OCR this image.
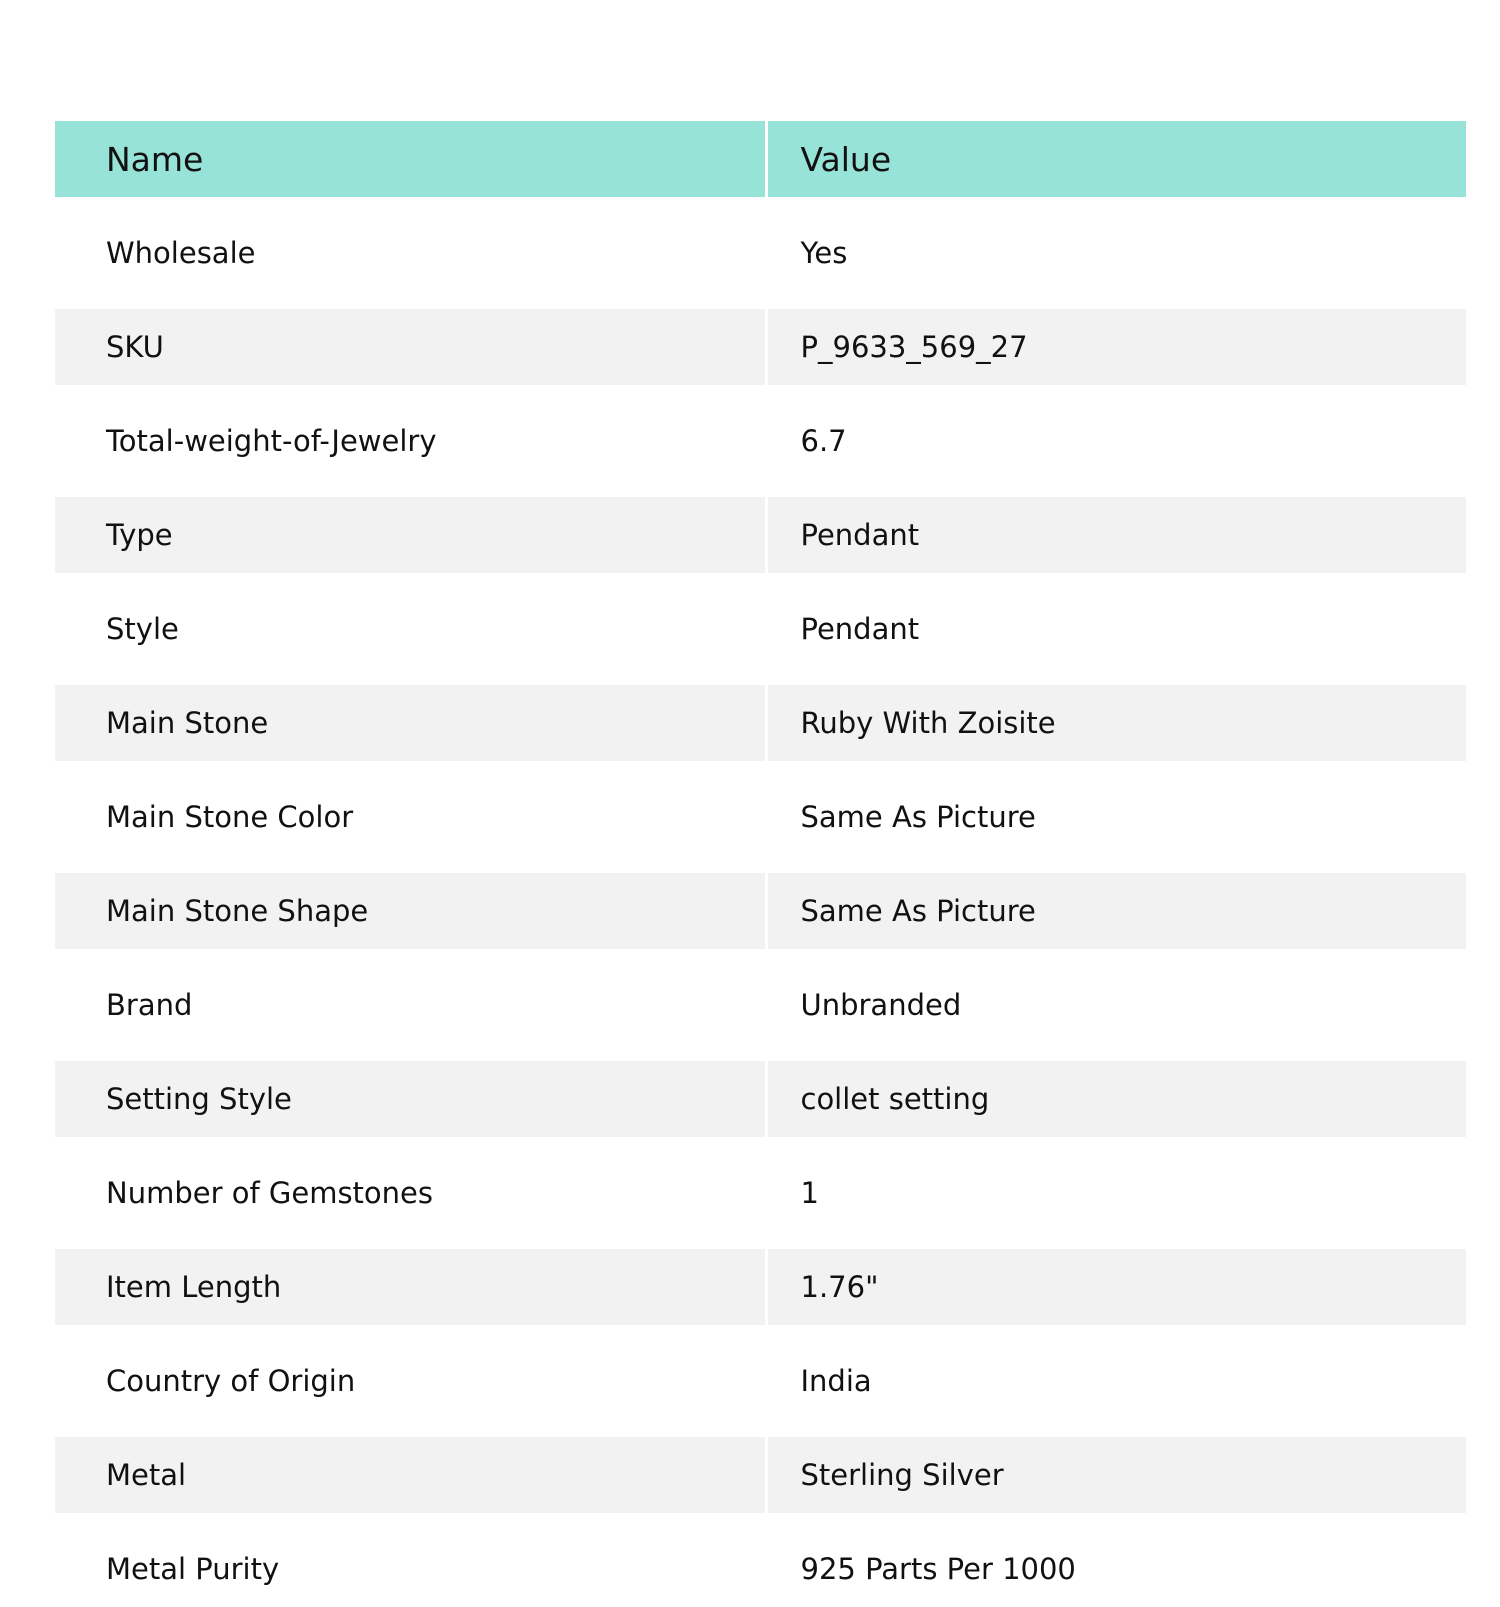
Name	Value

Wholesale	Yes

SKU	P_9633_569_27

Total-weight-of-Jewelry	6.7

Type	Pendant

Style	Pendant

Main Stone	Ruby With Zoisite

Main Stone Color	Same As Picture

Main Stone Shape	Same As Picture

Brand	Unbranded

Setting Style	collet setting

Number of Gemstones	1

Item Length	1.76"

Country of Origin	India

Metal	Sterling Silver

Metal Purity	925 Parts Per 1000
